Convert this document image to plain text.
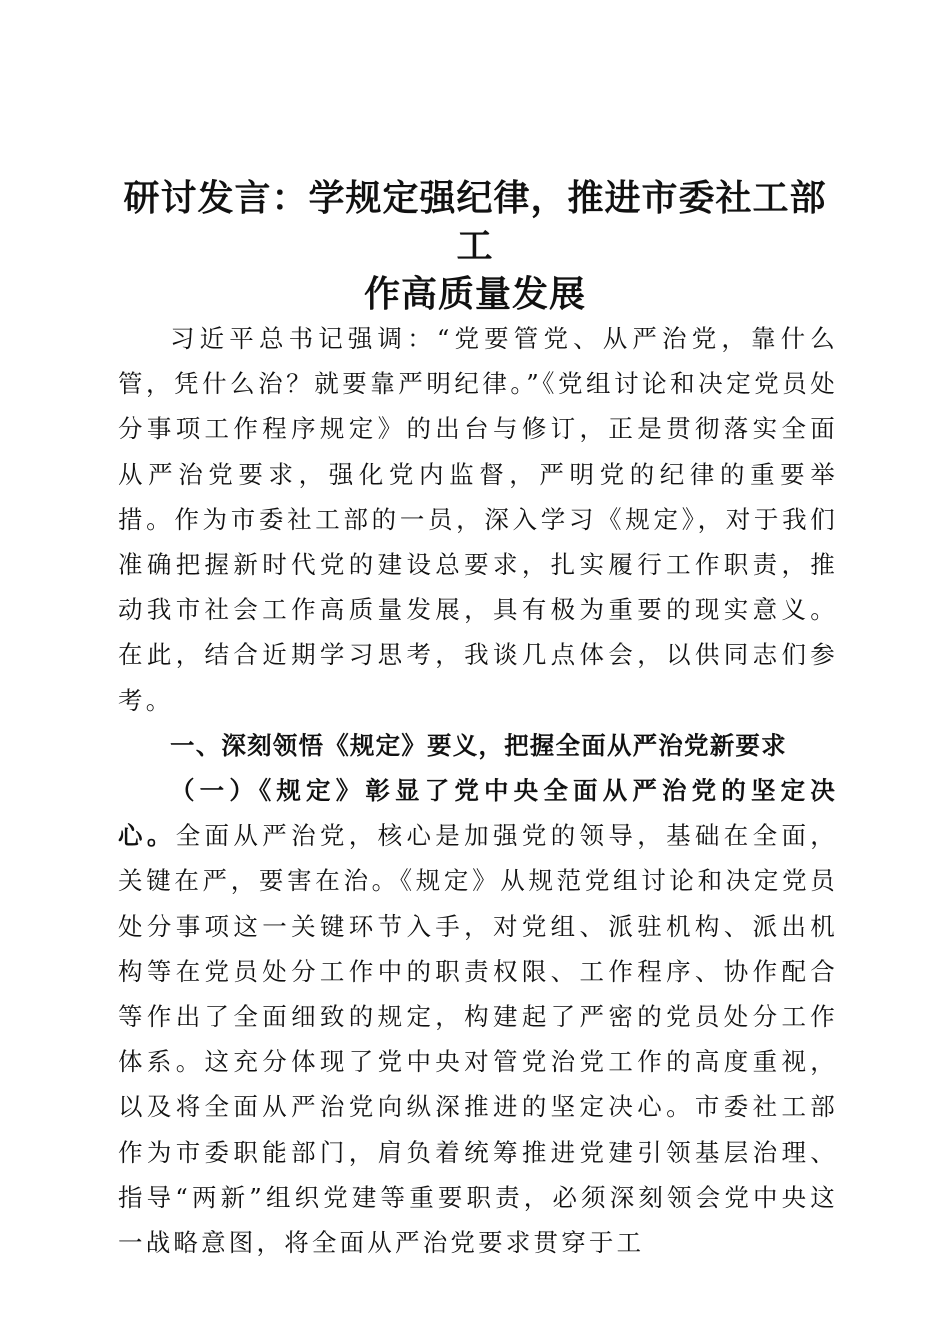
研讨发言：学规定强纪律，推进市委社工部工
作高质量发展

习近平总书记强调：“党要管党、从严治党，靠什么管，凭什么治？就要靠严明纪律。”《党组讨论和决定党员处分事项工作程序规定》的出台与修订，正是贯彻落实全面从严治党要求，强化党内监督，严明党的纪律的重要举措。作为市委社工部的一员，深入学习《规定》，对于我们准确把握新时代党的建设总要求，扎实履行工作职责，推动我市社会工作高质量发展，具有极为重要的现实意义。在此，结合近期学习思考，我谈几点体会，以供同志们参考。

一、深刻领悟《规定》要义，把握全面从严治党新要求

（一）《规定》彰显了党中央全面从严治党的坚定决心。全面从严治党，核心是加强党的领导，基础在全面，关键在严，要害在治。《规定》从规范党组讨论和决定党员处分事项这一关键环节入手，对党组、派驻机构、派出机构等在党员处分工作中的职责权限、工作程序、协作配合等作出了全面细致的规定，构建起了严密的党员处分工作体系。这充分体现了党中央对管党治党工作的高度重视，以及将全面从严治党向纵深推进的坚定决心。市委社工部作为市委职能部门，肩负着统筹推进党建引领基层治理、指导“两新”组织党建等重要职责，必须深刻领会党中央这一战略意图，将全面从严治党要求贯穿于工
